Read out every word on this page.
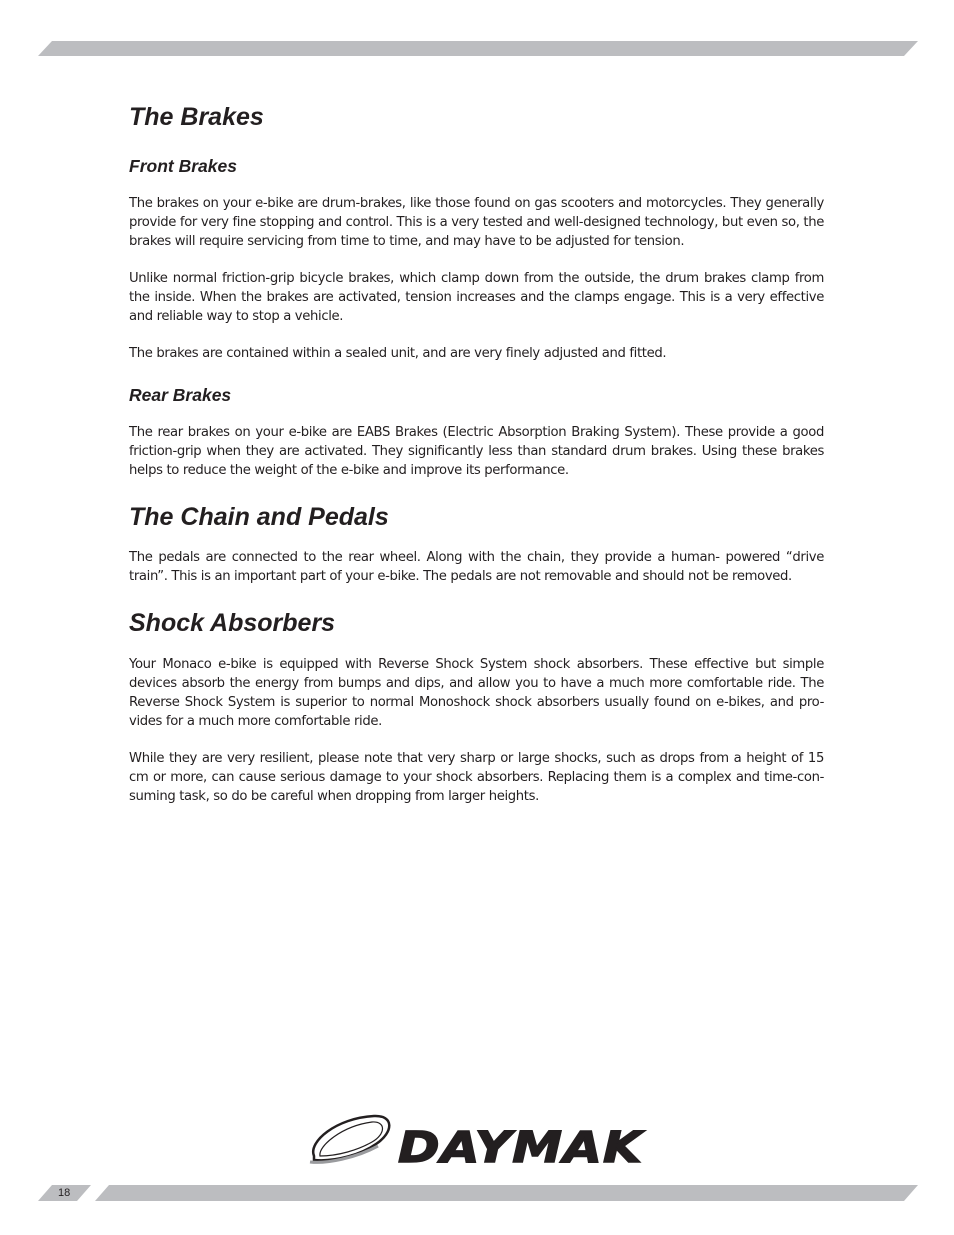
The Brakes
Front Brakes

The brakes on your e-bike are drum-brakes, like those found on gas scooters and motorcycles. They generally provide for very fine stopping and control. This is a very tested and well-designed technology, but even so, the brakes will require servicing from time to time, and may have to be adjusted for tension.

Unlike normal friction-grip bicycle brakes, which clamp down from the outside, the drum brakes clamp from the inside. When the brakes are activated, tension increases and the clamps engage. This is a very effective and reliable way to stop a vehicle.

The brakes are contained within a sealed unit, and are very finely adjusted and fitted.

Rear Brakes

The rear brakes on your e-bike are EABS Brakes (Electric Absorption Braking System). These provide a good friction-grip when they are activated. They significantly less than standard drum brakes. Using these brakes helps to reduce the weight of the e-bike and improve its performance.

The Chain and Pedals

The pedals are connected to the rear wheel. Along with the chain, they provide a human- powered “drive train”. This is an important part of your e-bike. The pedals are not removable and should not be removed.

Shock Absorbers

Your Monaco e-bike is equipped with Reverse Shock System shock absorbers. These effective but simple devices absorb the energy from bumps and dips, and allow you to have a much more comfortable ride. The Reverse Shock System is superior to normal Monoshock shock absorbers usually found on e-bikes, and pro-vides for a much more comfortable ride.

While they are very resilient, please note that very sharp or large shocks, such as drops from a height of 15 cm or more, can cause serious damage to your shock absorbers. Replacing them is a complex and time-con-suming task, so do be careful when dropping from larger heights.

DAYMAK
18
